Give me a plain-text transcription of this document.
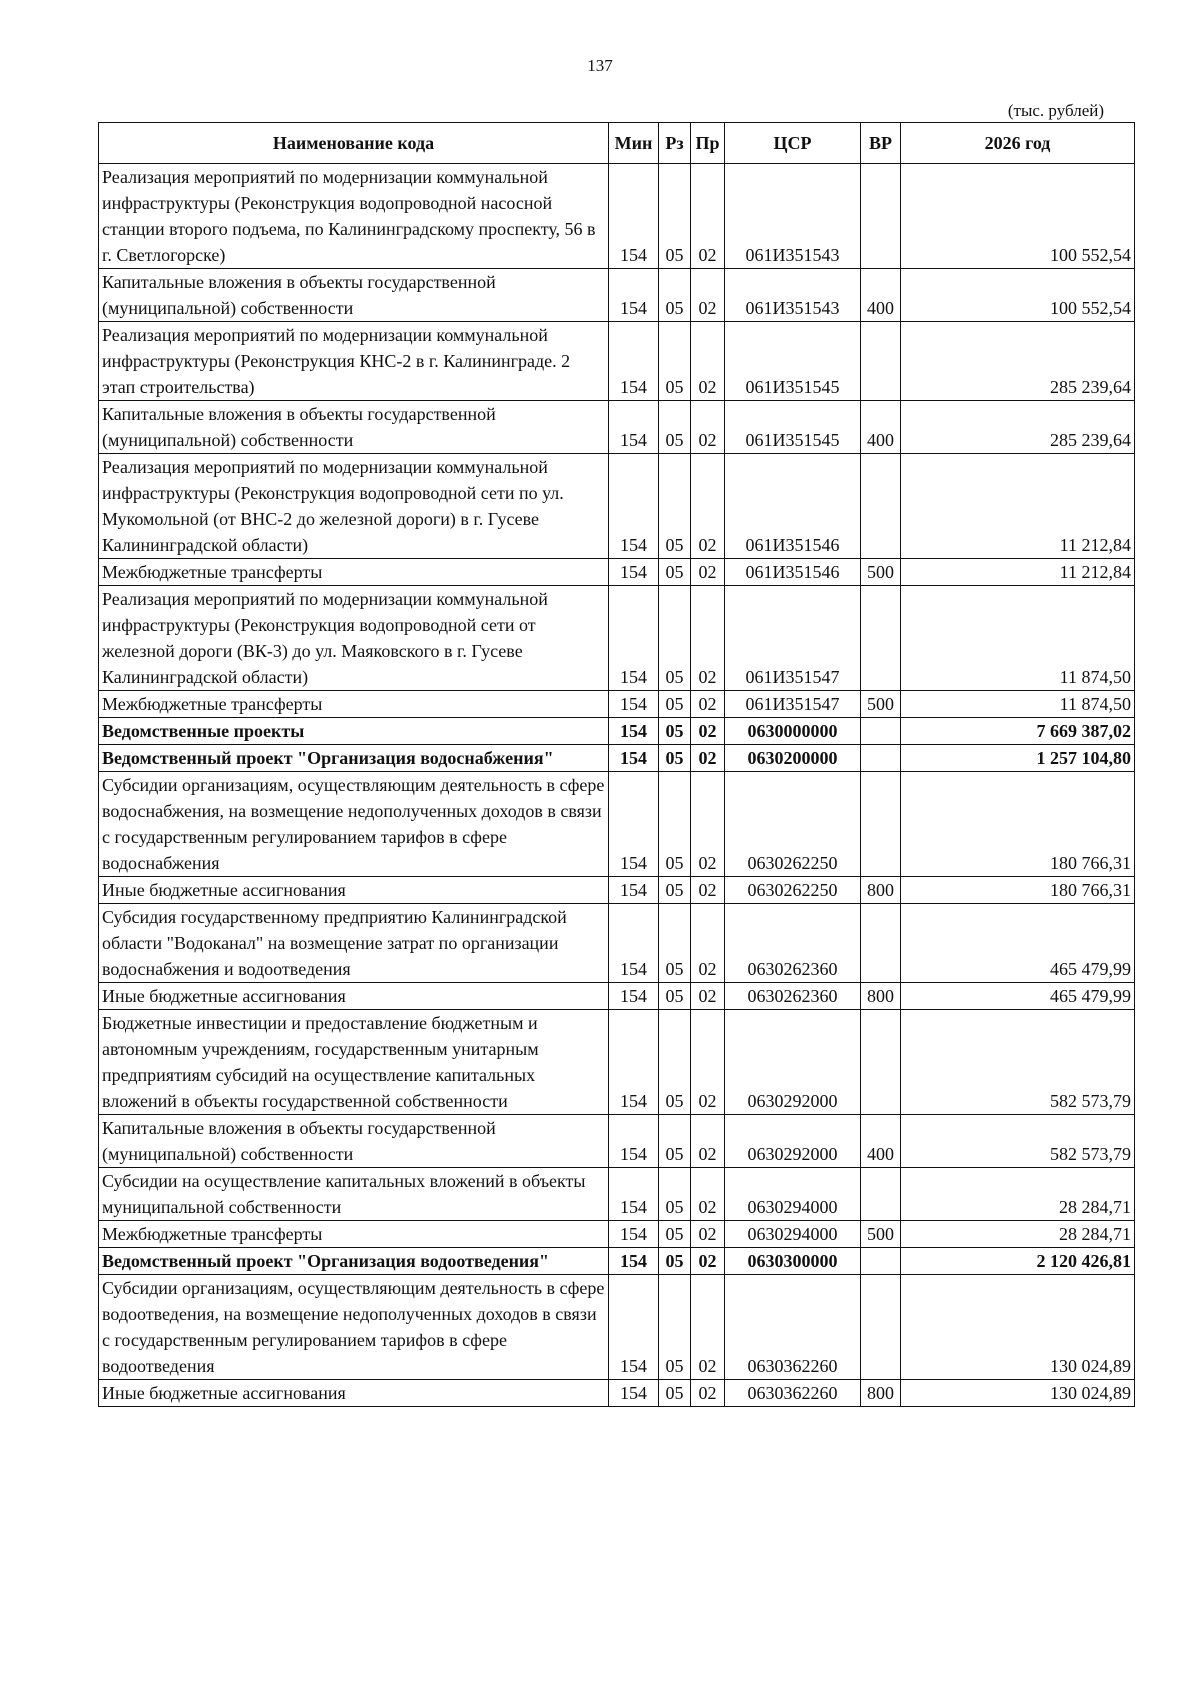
137
(тыс. рублей)
Наименование кода	Мин	Рз	Пр	ЦСР	ВР	2026 год
Реализация мероприятий по модернизации коммунальной инфраструктуры (Реконструкция водопроводной насосной станции второго подъема, по Калининградскому проспекту, 56 в г. Светлогорске)	154	05	02	061И351543		100 552,54
Капитальные вложения в объекты государственной (муниципальной) собственности	154	05	02	061И351543	400	100 552,54
Реализация мероприятий по модернизации коммунальной инфраструктуры (Реконструкция КНС-2 в г. Калининграде. 2 этап строительства)	154	05	02	061И351545		285 239,64
Капитальные вложения в объекты государственной (муниципальной) собственности	154	05	02	061И351545	400	285 239,64
Реализация мероприятий по модернизации коммунальной инфраструктуры (Реконструкция водопроводной сети по ул. Мукомольной (от ВНС-2 до железной дороги) в г. Гусеве Калининградской области)	154	05	02	061И351546		11 212,84
Межбюджетные трансферты	154	05	02	061И351546	500	11 212,84
Реализация мероприятий по модернизации коммунальной инфраструктуры (Реконструкция водопроводной сети от железной дороги (ВК-3) до ул. Маяковского в г. Гусеве Калининградской области)	154	05	02	061И351547		11 874,50
Межбюджетные трансферты	154	05	02	061И351547	500	11 874,50
Ведомственные проекты	154	05	02	0630000000		7 669 387,02
Ведомственный проект "Организация водоснабжения"	154	05	02	0630200000		1 257 104,80
Субсидии организациям, осуществляющим деятельность в сфере водоснабжения, на возмещение недополученных доходов в связи с государственным регулированием тарифов в сфере водоснабжения	154	05	02	0630262250		180 766,31
Иные бюджетные ассигнования	154	05	02	0630262250	800	180 766,31
Субсидия государственному предприятию Калининградской области "Водоканал" на возмещение затрат по организации водоснабжения и водоотведения	154	05	02	0630262360		465 479,99
Иные бюджетные ассигнования	154	05	02	0630262360	800	465 479,99
Бюджетные инвестиции и предоставление бюджетным и автономным учреждениям, государственным унитарным предприятиям субсидий на осуществление капитальных вложений в объекты государственной собственности	154	05	02	0630292000		582 573,79
Капитальные вложения в объекты государственной (муниципальной) собственности	154	05	02	0630292000	400	582 573,79
Субсидии на осуществление капитальных вложений в объекты муниципальной собственности	154	05	02	0630294000		28 284,71
Межбюджетные трансферты	154	05	02	0630294000	500	28 284,71
Ведомственный проект "Организация водоотведения"	154	05	02	0630300000		2 120 426,81
Субсидии организациям, осуществляющим деятельность в сфере водоотведения, на возмещение недополученных доходов в связи с государственным регулированием тарифов в сфере водоотведения	154	05	02	0630362260		130 024,89
Иные бюджетные ассигнования	154	05	02	0630362260	800	130 024,89
